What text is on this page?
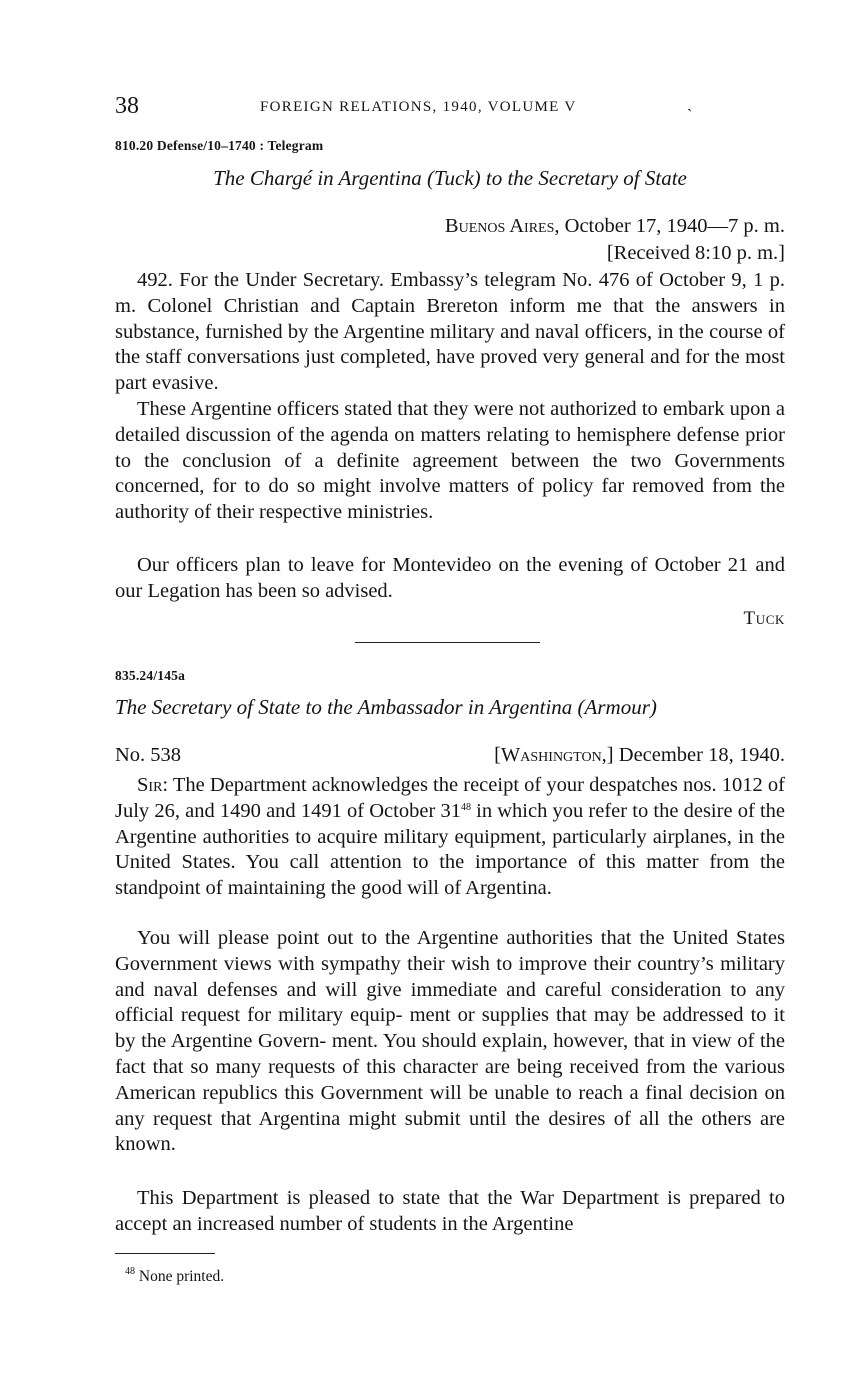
38	FOREIGN RELATIONS, 1940, VOLUME V	ˏ
810.20 Defense/10–1740 : Telegram
The Chargé in Argentina (Tuck) to the Secretary of State
Buenos Aires, October 17, 1940—7 p. m.
[Received 8:10 p. m.]

492. For the Under Secretary. Embassy’s telegram No. 476 of October 9, 1 p. m. Colonel Christian and Captain Brereton inform me that the answers in substance, furnished by the Argentine military and naval officers, in the course of the staff conversations just completed, have proved very general and for the most part evasive.

These Argentine officers stated that they were not authorized to embark upon a detailed discussion of the agenda on matters relating to hemisphere defense prior to the conclusion of a definite agreement between the two Governments concerned, for to do so might involve matters of policy far removed from the authority of their respective ministries.

Our officers plan to leave for Montevideo on the evening of October 21 and our Legation has been so advised.

Tuck
835.24/145a
The Secretary of State to the Ambassador in Argentina (Armour)
No. 538	[Washington,] December 18, 1940.

Sir: The Department acknowledges the receipt of your despatches nos. 1012 of July 26, and 1490 and 1491 of October $31^{48}$ in which you refer to the desire of the Argentine authorities to acquire military equipment, particularly airplanes, in the United States. You call attention to the importance of this matter from the standpoint of maintaining the good will of Argentina.

You will please point out to the Argentine authorities that the United States Government views with sympathy their wish to improve their country’s military and naval defenses and will give immediate and careful consideration to any official request for military equip- ment or supplies that may be addressed to it by the Argentine Govern- ment. You should explain, however, that in view of the fact that so many requests of this character are being received from the various American republics this Government will be unable to reach a final decision on any request that Argentina might submit until the desires of all the others are known.

This Department is pleased to state that the War Department is prepared to accept an increased number of students in the Argentine

$^{48}$ None printed.
